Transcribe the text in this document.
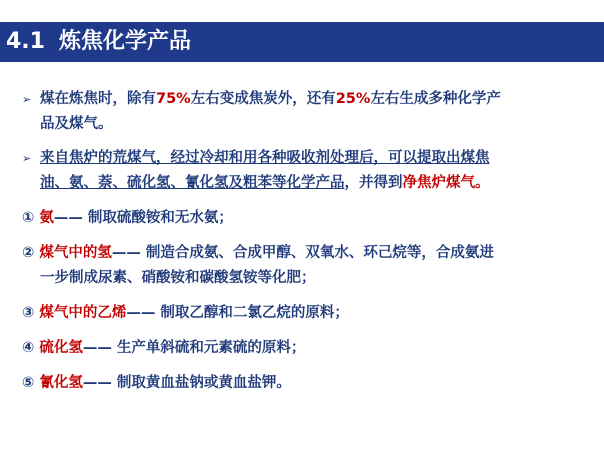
4.1 炼焦化学产品
➢ 煤在炼焦时，除有75%左右变成焦炭外，还有25%左右生成多种化学产
品及煤气。
➢ 来自焦炉的荒煤气，经过冷却和用各种吸收剂处理后，可以提取出煤焦
油、氨、萘、硫化氢、氰化氢及粗苯等化学产品，并得到净焦炉煤气。
① 氨—— 制取硫酸铵和无水氨；
② 煤气中的氢—— 制造合成氨、合成甲醇、双氧水、环己烷等，合成氨进
一步制成尿素、硝酸铵和碳酸氢铵等化肥；
③ 煤气中的乙烯—— 制取乙醇和二氯乙烷的原料；
④ 硫化氢—— 生产单斜硫和元素硫的原料；
⑤ 氰化氢—— 制取黄血盐钠或黄血盐钾。
